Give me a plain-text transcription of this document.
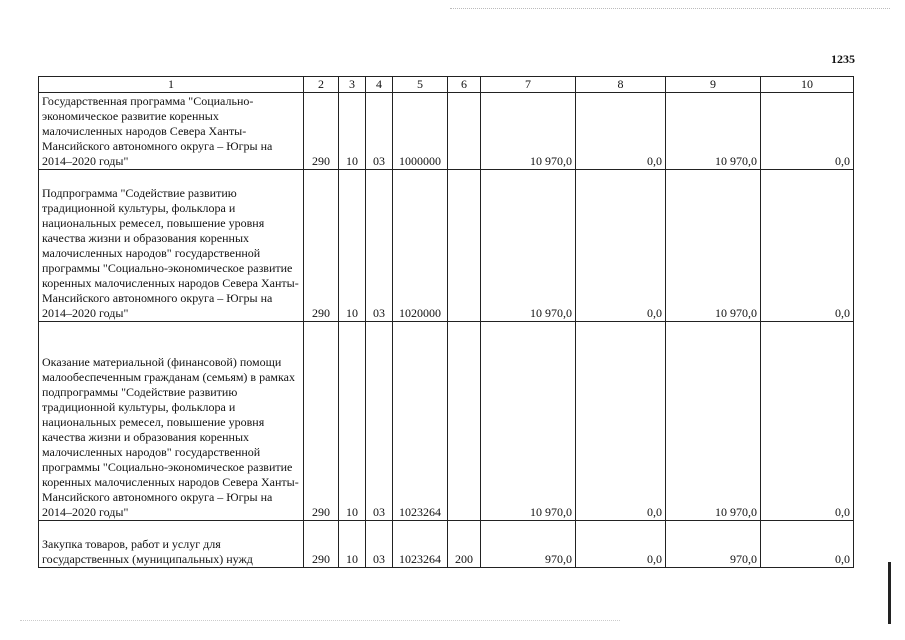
1235
1	2	3	4	5	6	7	8	9	10
Государственная программа "Социально-экономическое развитие коренных малочисленных народов Севера Ханты-Мансийского автономного округа – Югры на 2014–2020 годы"	290	10	03	1000000		10 970,0	0,0	10 970,0	0,0
Подпрограмма "Содействие развитию традиционной культуры, фольклора и национальных ремесел, повышение уровня качества жизни и образования коренных малочисленных народов" государственной программы "Социально-экономическое развитие коренных малочисленных народов Севера Ханты-Мансийского автономного округа – Югры на 2014–2020 годы"	290	10	03	1020000		10 970,0	0,0	10 970,0	0,0
Оказание материальной (финансовой) помощи малообеспеченным гражданам (семьям) в рамках подпрограммы "Содействие развитию традиционной культуры, фольклора и национальных ремесел, повышение уровня качества жизни и образования коренных малочисленных народов" государственной программы "Социально-экономическое развитие коренных малочисленных народов Севера Ханты-Мансийского автономного округа – Югры на 2014–2020 годы"	290	10	03	1023264		10 970,0	0,0	10 970,0	0,0
Закупка товаров, работ и услуг для государственных (муниципальных) нужд	290	10	03	1023264	200	970,0	0,0	970,0	0,0
